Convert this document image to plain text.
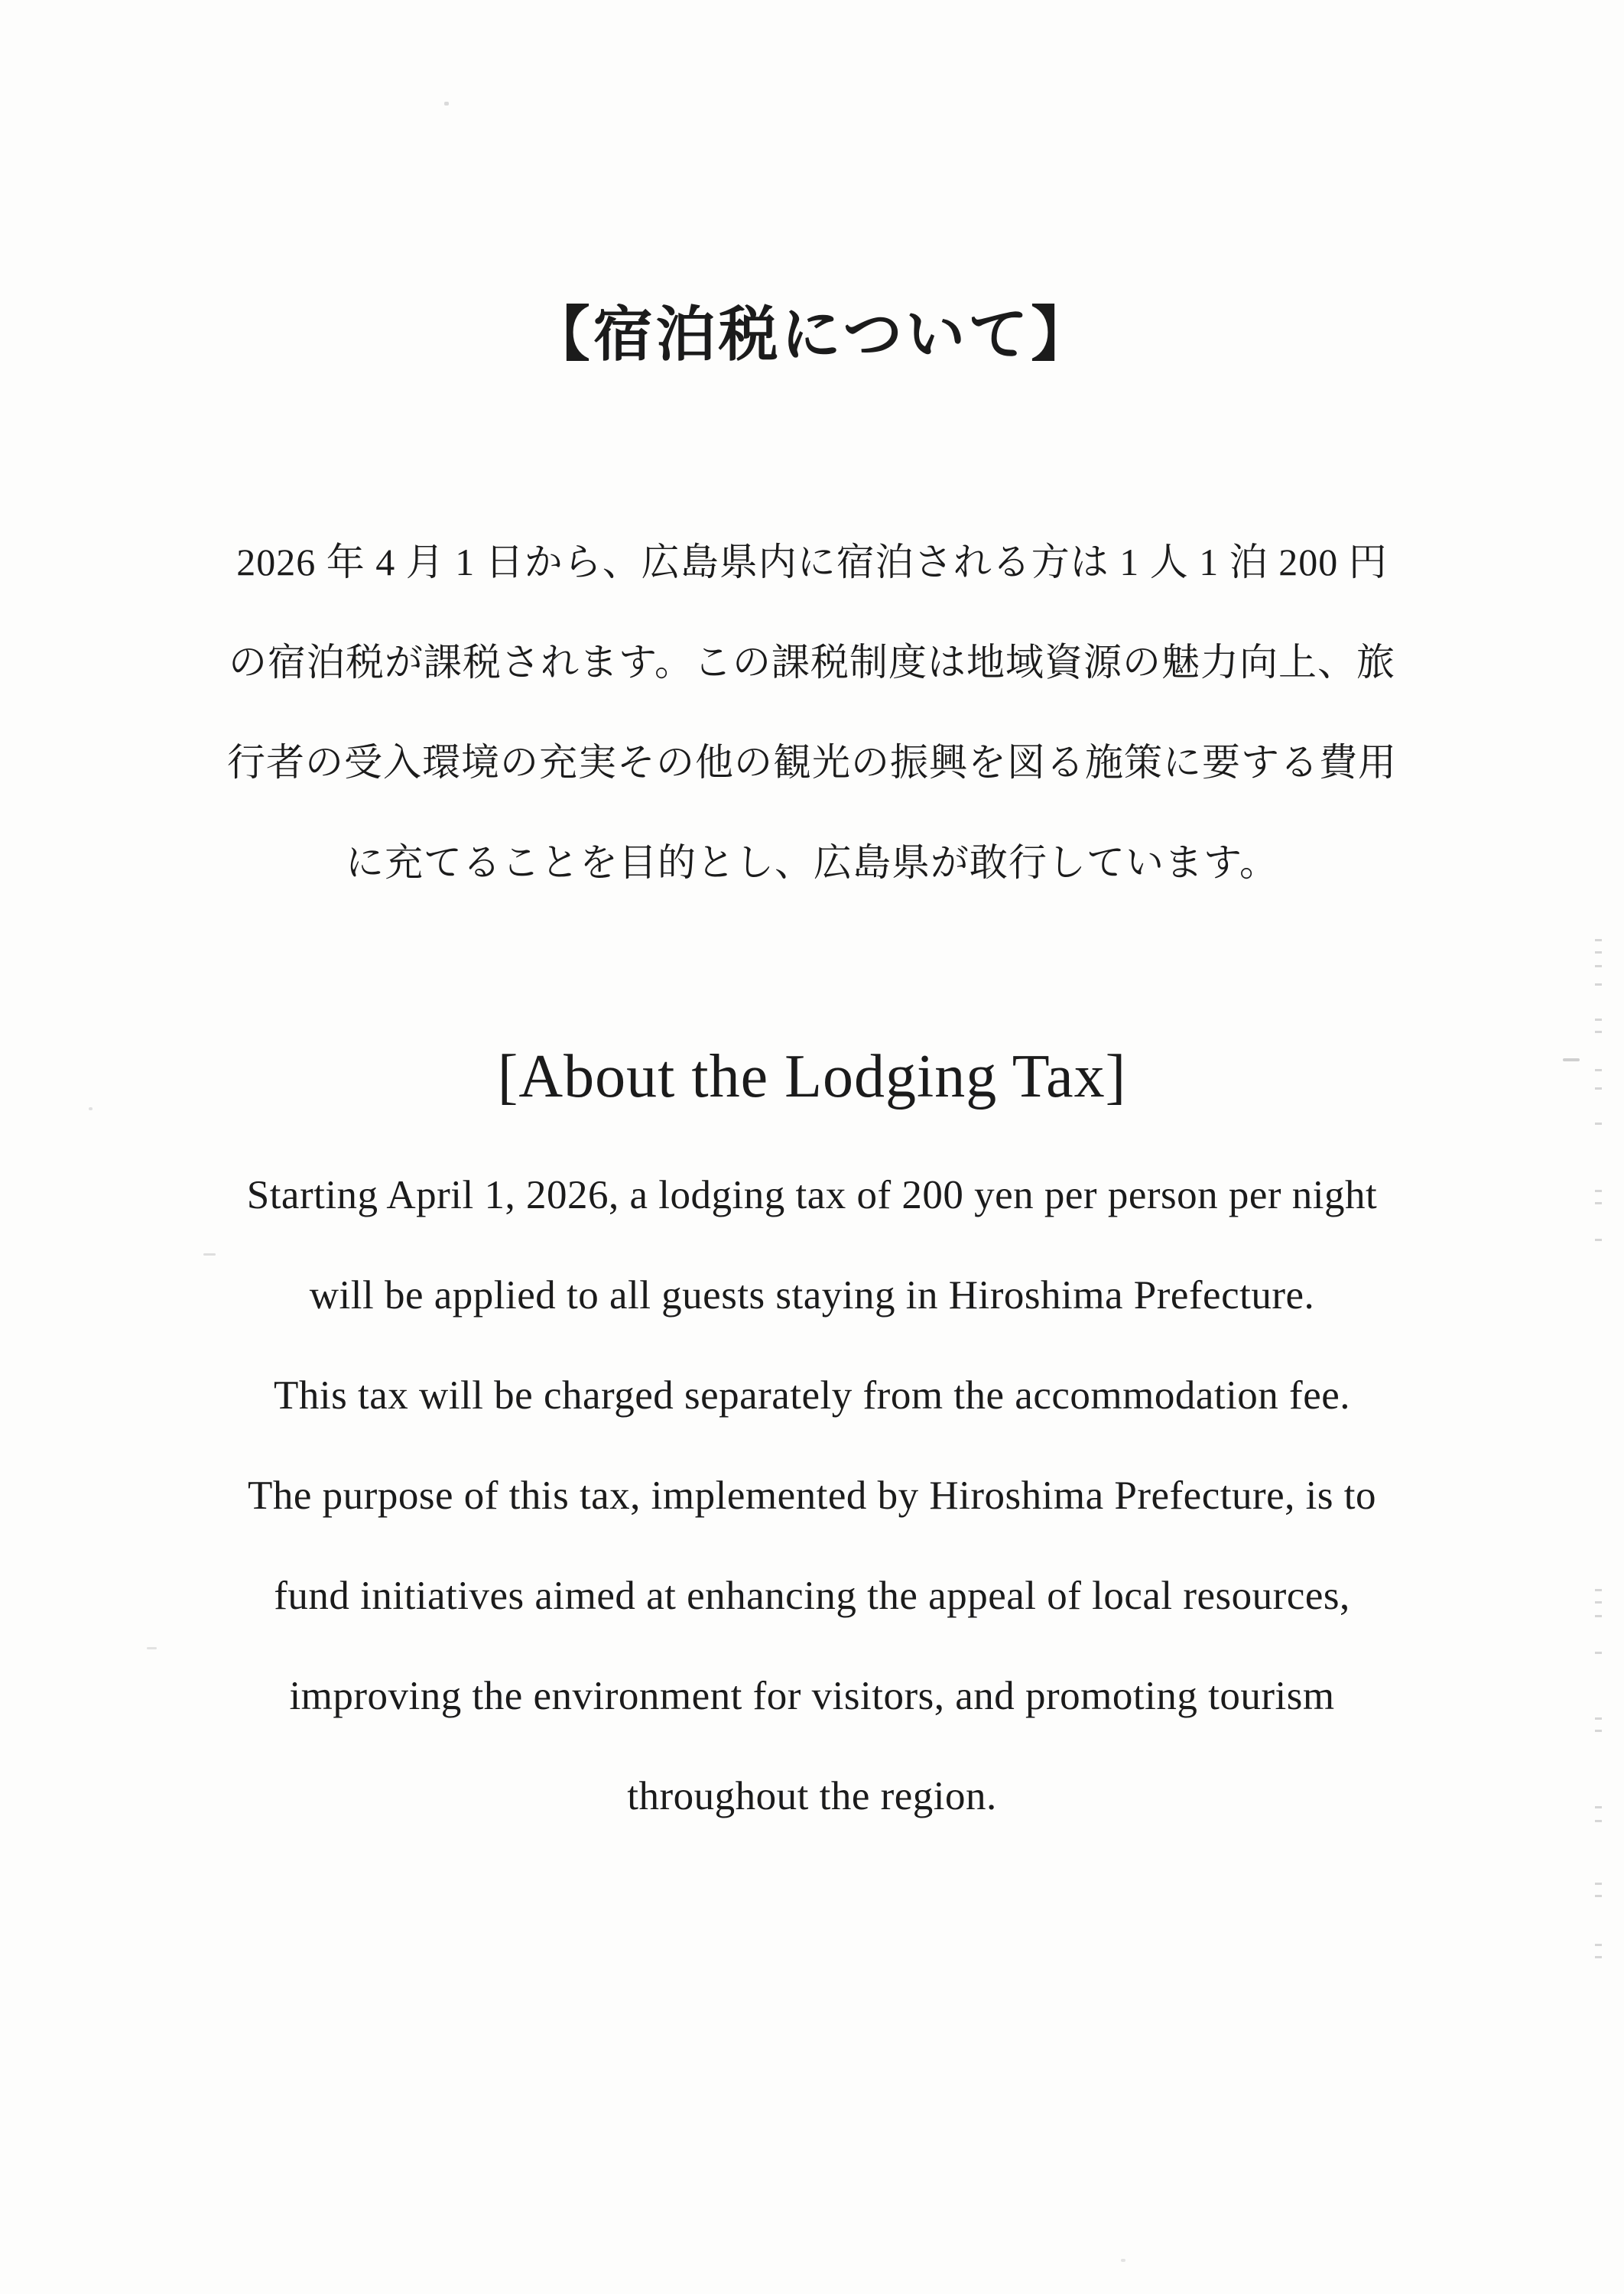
【宿泊税について】
2026 年 4 月 1 日から、広島県内に宿泊される方は 1 人 1 泊 200 円
の宿泊税が課税されます。この課税制度は地域資源の魅力向上、旅
行者の受入環境の充実その他の観光の振興を図る施策に要する費用
に充てることを目的とし、広島県が敢行しています。
[About the Lodging Tax]
Starting April 1, 2026, a lodging tax of 200 yen per person per night
will be applied to all guests staying in Hiroshima Prefecture.
This tax will be charged separately from the accommodation fee.
The purpose of this tax, implemented by Hiroshima Prefecture, is to
fund initiatives aimed at enhancing the appeal of local resources,
improving the environment for visitors, and promoting tourism
throughout the region.
